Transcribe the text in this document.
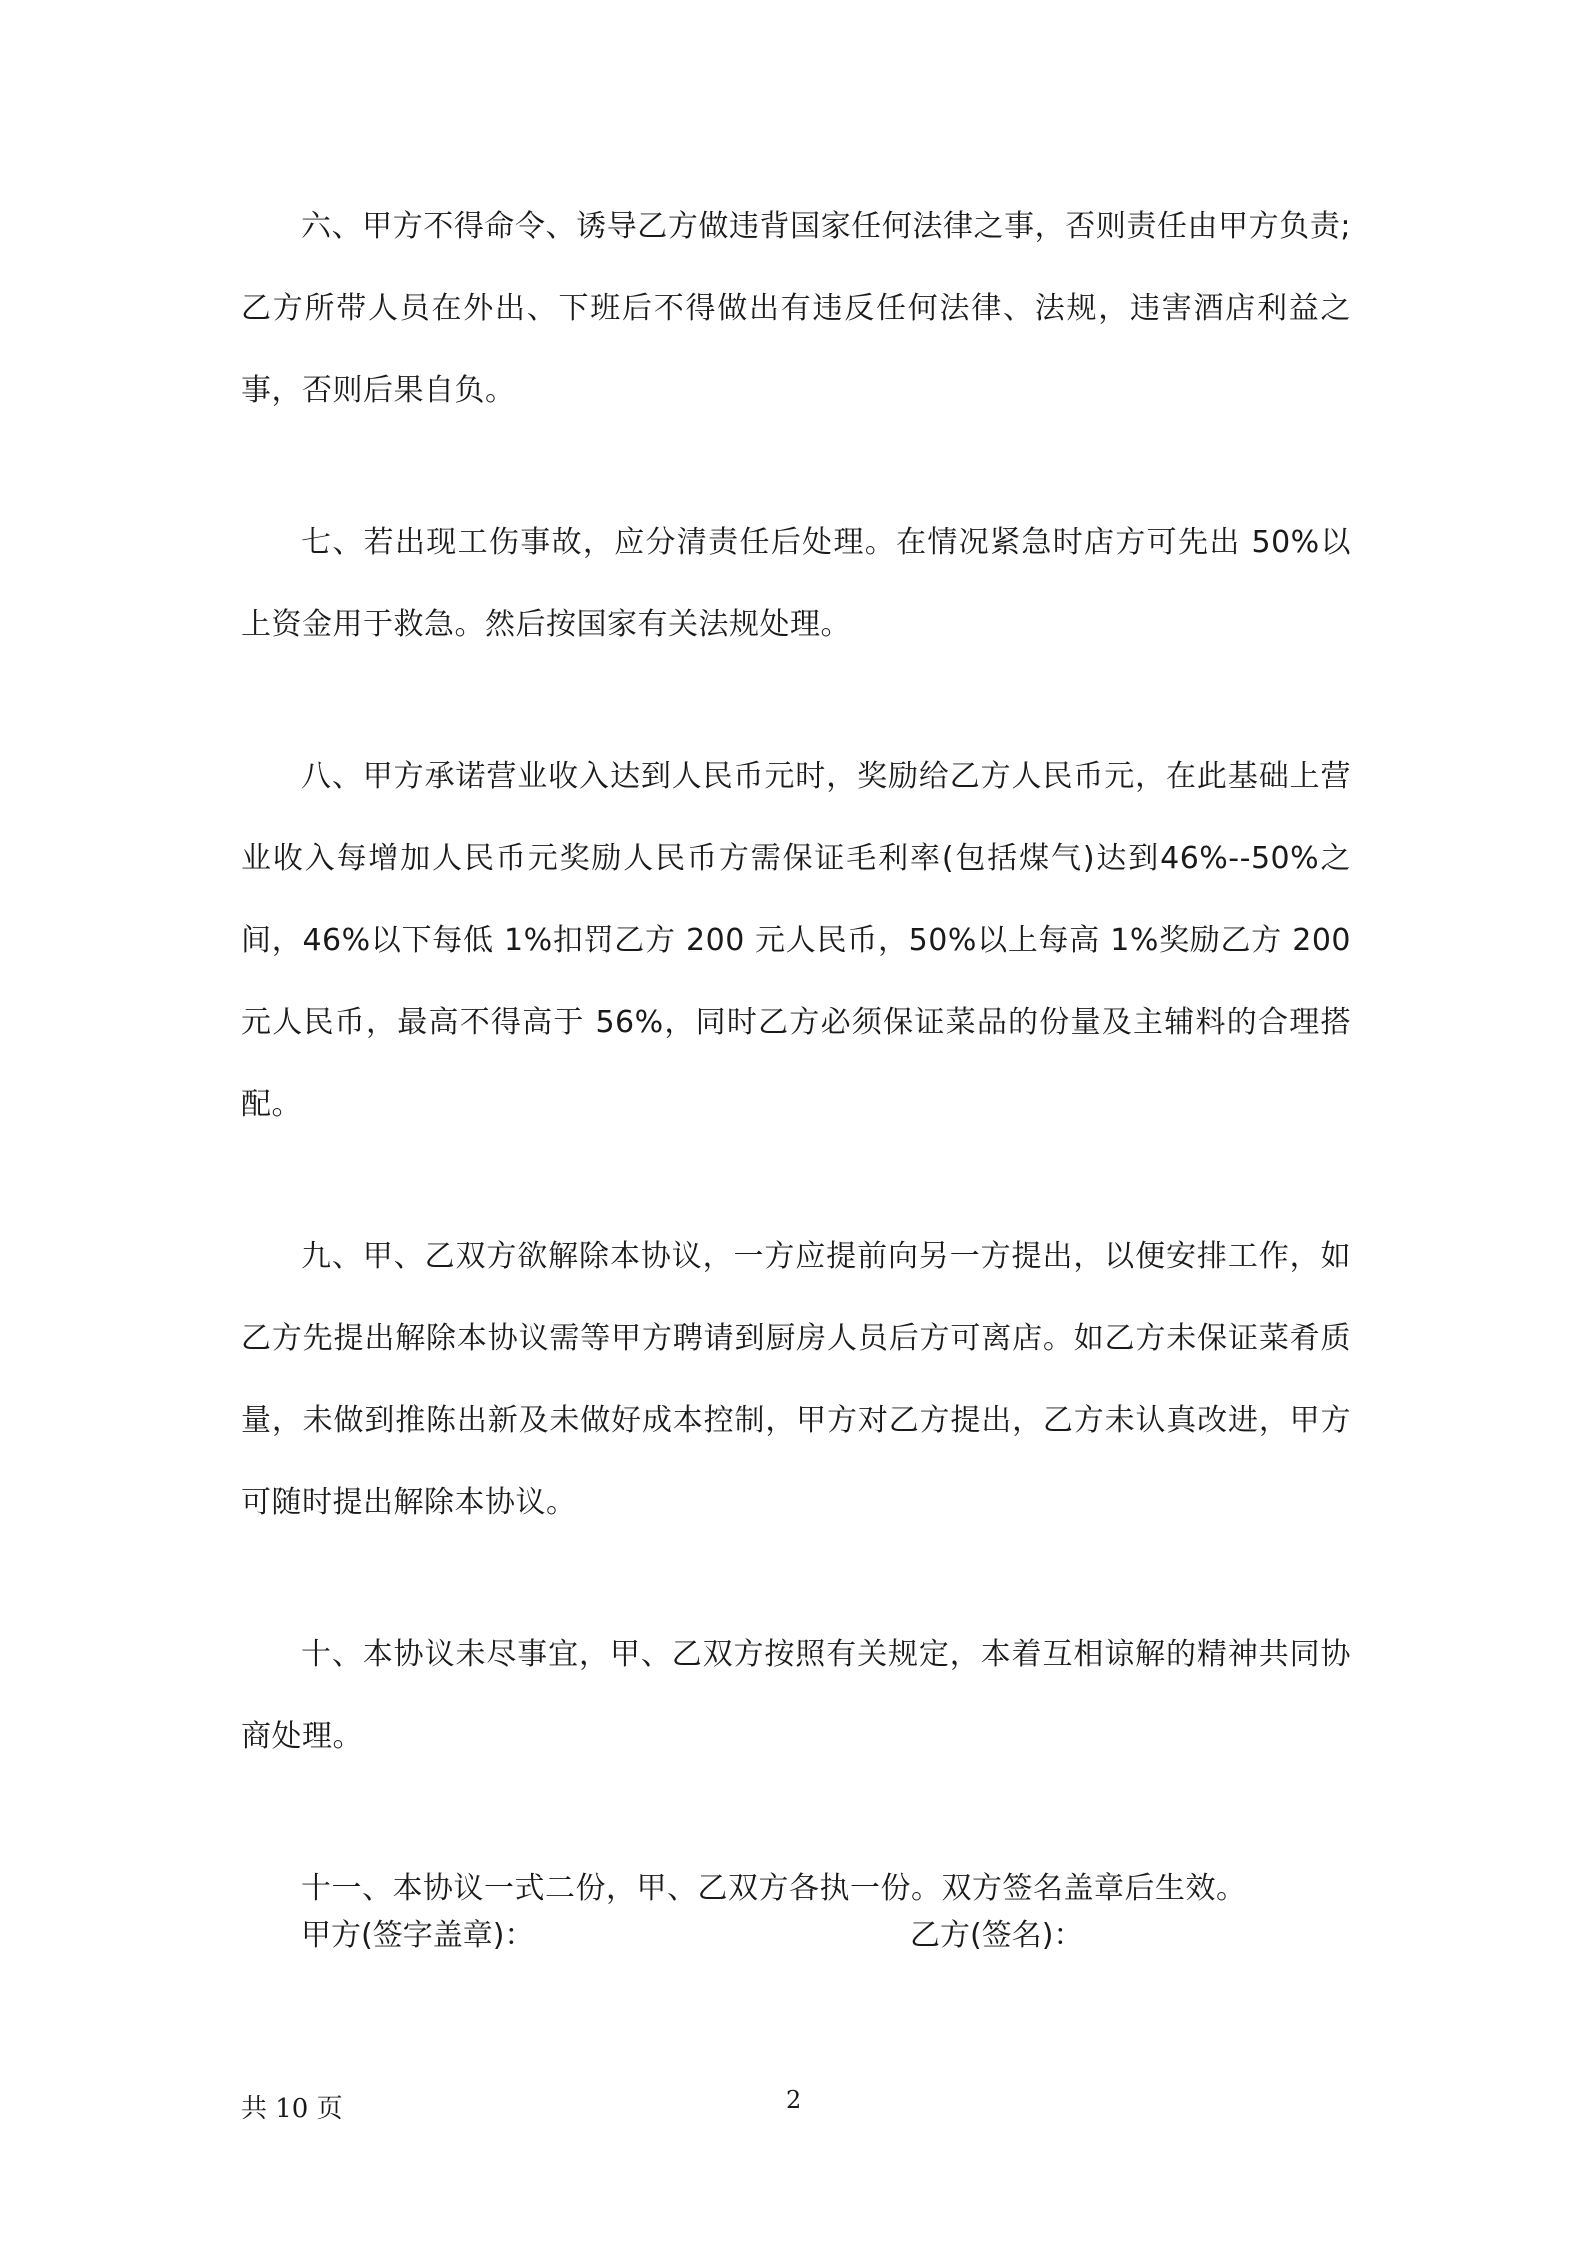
六、甲方不得命令、诱导乙方做违背国家任何法律之事，否则责任由甲方负责;乙方所带人员在外出、下班后不得做出有违反任何法律、法规，违害酒店利益之事，否则后果自负。

七、若出现工伤事故，应分清责任后处理。在情况紧急时店方可先出 50%以上资金用于救急。然后按国家有关法规处理。

八、甲方承诺营业收入达到人民币元时，奖励给乙方人民币元，在此基础上营业收入每增加人民币元奖励人民币方需保证毛利率(包括煤气)达到46%--50%之间，46%以下每低 1%扣罚乙方 200 元人民币，50%以上每高 1%奖励乙方 200 元人民币，最高不得高于 56%，同时乙方必须保证菜品的份量及主辅料的合理搭配。

九、甲、乙双方欲解除本协议，一方应提前向另一方提出，以便安排工作，如乙方先提出解除本协议需等甲方聘请到厨房人员后方可离店。如乙方未保证菜肴质量，未做到推陈出新及未做好成本控制，甲方对乙方提出，乙方未认真改进，甲方可随时提出解除本协议。

十、本协议未尽事宜，甲、乙双方按照有关规定，本着互相谅解的精神共同协商处理。

十一、本协议一式二份，甲、乙双方各执一份。双方签名盖章后生效。

甲方(签字盖章)：	乙方(签名)：
共 10 页	2
